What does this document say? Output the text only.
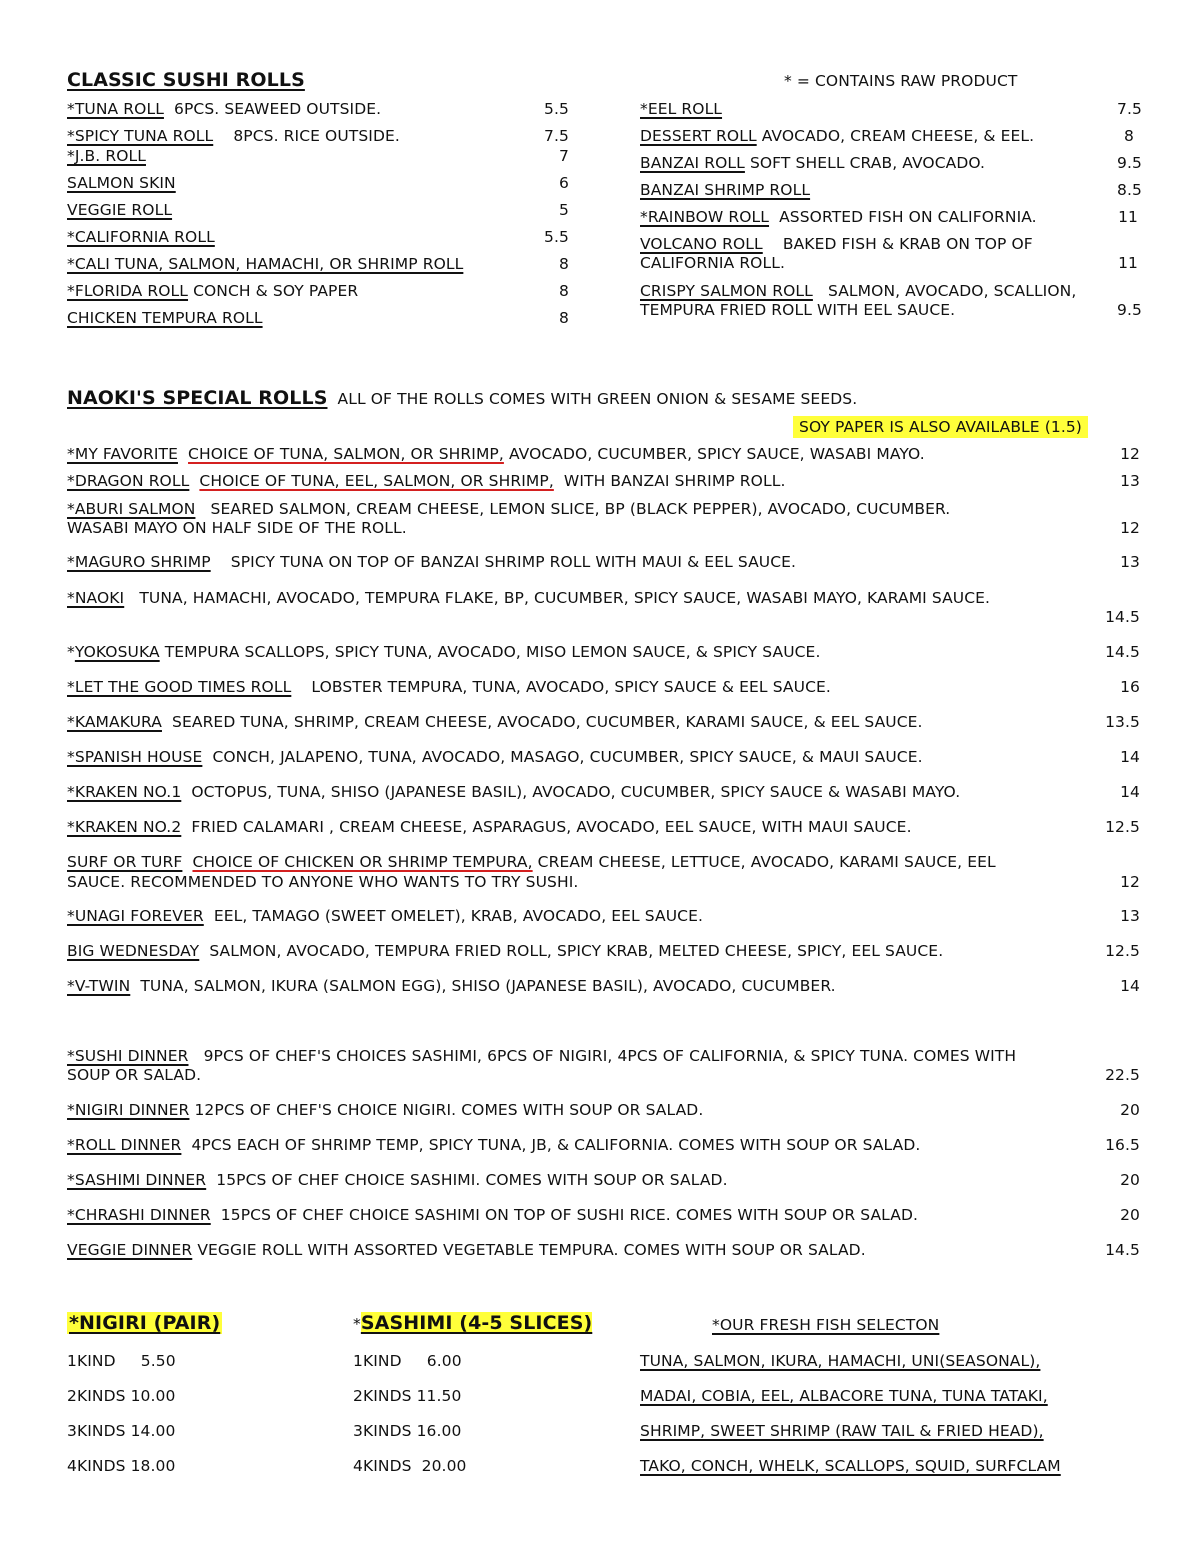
CLASSIC SUSHI ROLLS	* = CONTAINS RAW PRODUCT
*TUNA ROLL 6PCS. SEAWEED OUTSIDE.	5.5
*SPICY TUNA ROLL 8PCS. RICE OUTSIDE.	7.5
*J.B. ROLL	7
SALMON SKIN	6
VEGGIE ROLL	5
*CALIFORNIA ROLL	5.5
*CALI TUNA, SALMON, HAMACHI, OR SHRIMP ROLL	8
*FLORIDA ROLL CONCH & SOY PAPER	8
CHICKEN TEMPURA ROLL	8
*EEL ROLL	7.5
DESSERT ROLL AVOCADO, CREAM CHEESE, & EEL.	8
BANZAI ROLL SOFT SHELL CRAB, AVOCADO.	9.5
BANZAI SHRIMP ROLL	8.5
*RAINBOW ROLL ASSORTED FISH ON CALIFORNIA.	11
VOLCANO ROLL BAKED FISH & KRAB ON TOP OF
CALIFORNIA ROLL.	11
CRISPY SALMON ROLL SALMON, AVOCADO, SCALLION,
TEMPURA FRIED ROLL WITH EEL SAUCE.	9.5
NAOKI'S SPECIAL ROLLS ALL OF THE ROLLS COMES WITH GREEN ONION & SESAME SEEDS.
SOY PAPER IS ALSO AVAILABLE (1.5)
*MY FAVORITE CHOICE OF TUNA, SALMON, OR SHRIMP, AVOCADO, CUCUMBER, SPICY SAUCE, WASABI MAYO.	12
*DRAGON ROLL CHOICE OF TUNA, EEL, SALMON, OR SHRIMP, WITH BANZAI SHRIMP ROLL.	13
*ABURI SALMON SEARED SALMON, CREAM CHEESE, LEMON SLICE, BP (BLACK PEPPER), AVOCADO, CUCUMBER.
WASABI MAYO ON HALF SIDE OF THE ROLL.	12
*MAGURO SHRIMP SPICY TUNA ON TOP OF BANZAI SHRIMP ROLL WITH MAUI & EEL SAUCE.	13
*NAOKI TUNA, HAMACHI, AVOCADO, TEMPURA FLAKE, BP, CUCUMBER, SPICY SAUCE, WASABI MAYO, KARAMI SAUCE.
14.5
*YOKOSUKA TEMPURA SCALLOPS, SPICY TUNA, AVOCADO, MISO LEMON SAUCE, & SPICY SAUCE.	14.5
*LET THE GOOD TIMES ROLL LOBSTER TEMPURA, TUNA, AVOCADO, SPICY SAUCE & EEL SAUCE.	16
*KAMAKURA SEARED TUNA, SHRIMP, CREAM CHEESE, AVOCADO, CUCUMBER, KARAMI SAUCE, & EEL SAUCE.	13.5
*SPANISH HOUSE CONCH, JALAPENO, TUNA, AVOCADO, MASAGO, CUCUMBER, SPICY SAUCE, & MAUI SAUCE.	14
*KRAKEN NO.1 OCTOPUS, TUNA, SHISO (JAPANESE BASIL), AVOCADO, CUCUMBER, SPICY SAUCE & WASABI MAYO.	14
*KRAKEN NO.2 FRIED CALAMARI , CREAM CHEESE, ASPARAGUS, AVOCADO, EEL SAUCE, WITH MAUI SAUCE.	12.5
SURF OR TURF CHOICE OF CHICKEN OR SHRIMP TEMPURA, CREAM CHEESE, LETTUCE, AVOCADO, KARAMI SAUCE, EEL
SAUCE. RECOMMENDED TO ANYONE WHO WANTS TO TRY SUSHI.	12
*UNAGI FOREVER EEL, TAMAGO (SWEET OMELET), KRAB, AVOCADO, EEL SAUCE.	13
BIG WEDNESDAY SALMON, AVOCADO, TEMPURA FRIED ROLL, SPICY KRAB, MELTED CHEESE, SPICY, EEL SAUCE.	12.5
*V-TWIN TUNA, SALMON, IKURA (SALMON EGG), SHISO (JAPANESE BASIL), AVOCADO, CUCUMBER.	14
*SUSHI DINNER 9PCS OF CHEF'S CHOICES SASHIMI, 6PCS OF NIGIRI, 4PCS OF CALIFORNIA, & SPICY TUNA. COMES WITH
SOUP OR SALAD.	22.5
*NIGIRI DINNER 12PCS OF CHEF'S CHOICE NIGIRI. COMES WITH SOUP OR SALAD.	20
*ROLL DINNER 4PCS EACH OF SHRIMP TEMP, SPICY TUNA, JB, & CALIFORNIA. COMES WITH SOUP OR SALAD.	16.5
*SASHIMI DINNER 15PCS OF CHEF CHOICE SASHIMI. COMES WITH SOUP OR SALAD.	20
*CHRASHI DINNER 15PCS OF CHEF CHOICE SASHIMI ON TOP OF SUSHI RICE. COMES WITH SOUP OR SALAD.	20
VEGGIE DINNER VEGGIE ROLL WITH ASSORTED VEGETABLE TEMPURA. COMES WITH SOUP OR SALAD.	14.5
*NIGIRI (PAIR)
1KIND     5.50
2KINDS 10.00
3KINDS 14.00
4KINDS 18.00
*SASHIMI (4-5 SLICES)
1KIND     6.00
2KINDS 11.50
3KINDS 16.00
4KINDS  20.00
*OUR FRESH FISH SELECTON
TUNA, SALMON, IKURA, HAMACHI, UNI(SEASONAL),
MADAI, COBIA, EEL, ALBACORE TUNA, TUNA TATAKI,
SHRIMP, SWEET SHRIMP (RAW TAIL & FRIED HEAD),
TAKO, CONCH, WHELK, SCALLOPS, SQUID, SURFCLAM
